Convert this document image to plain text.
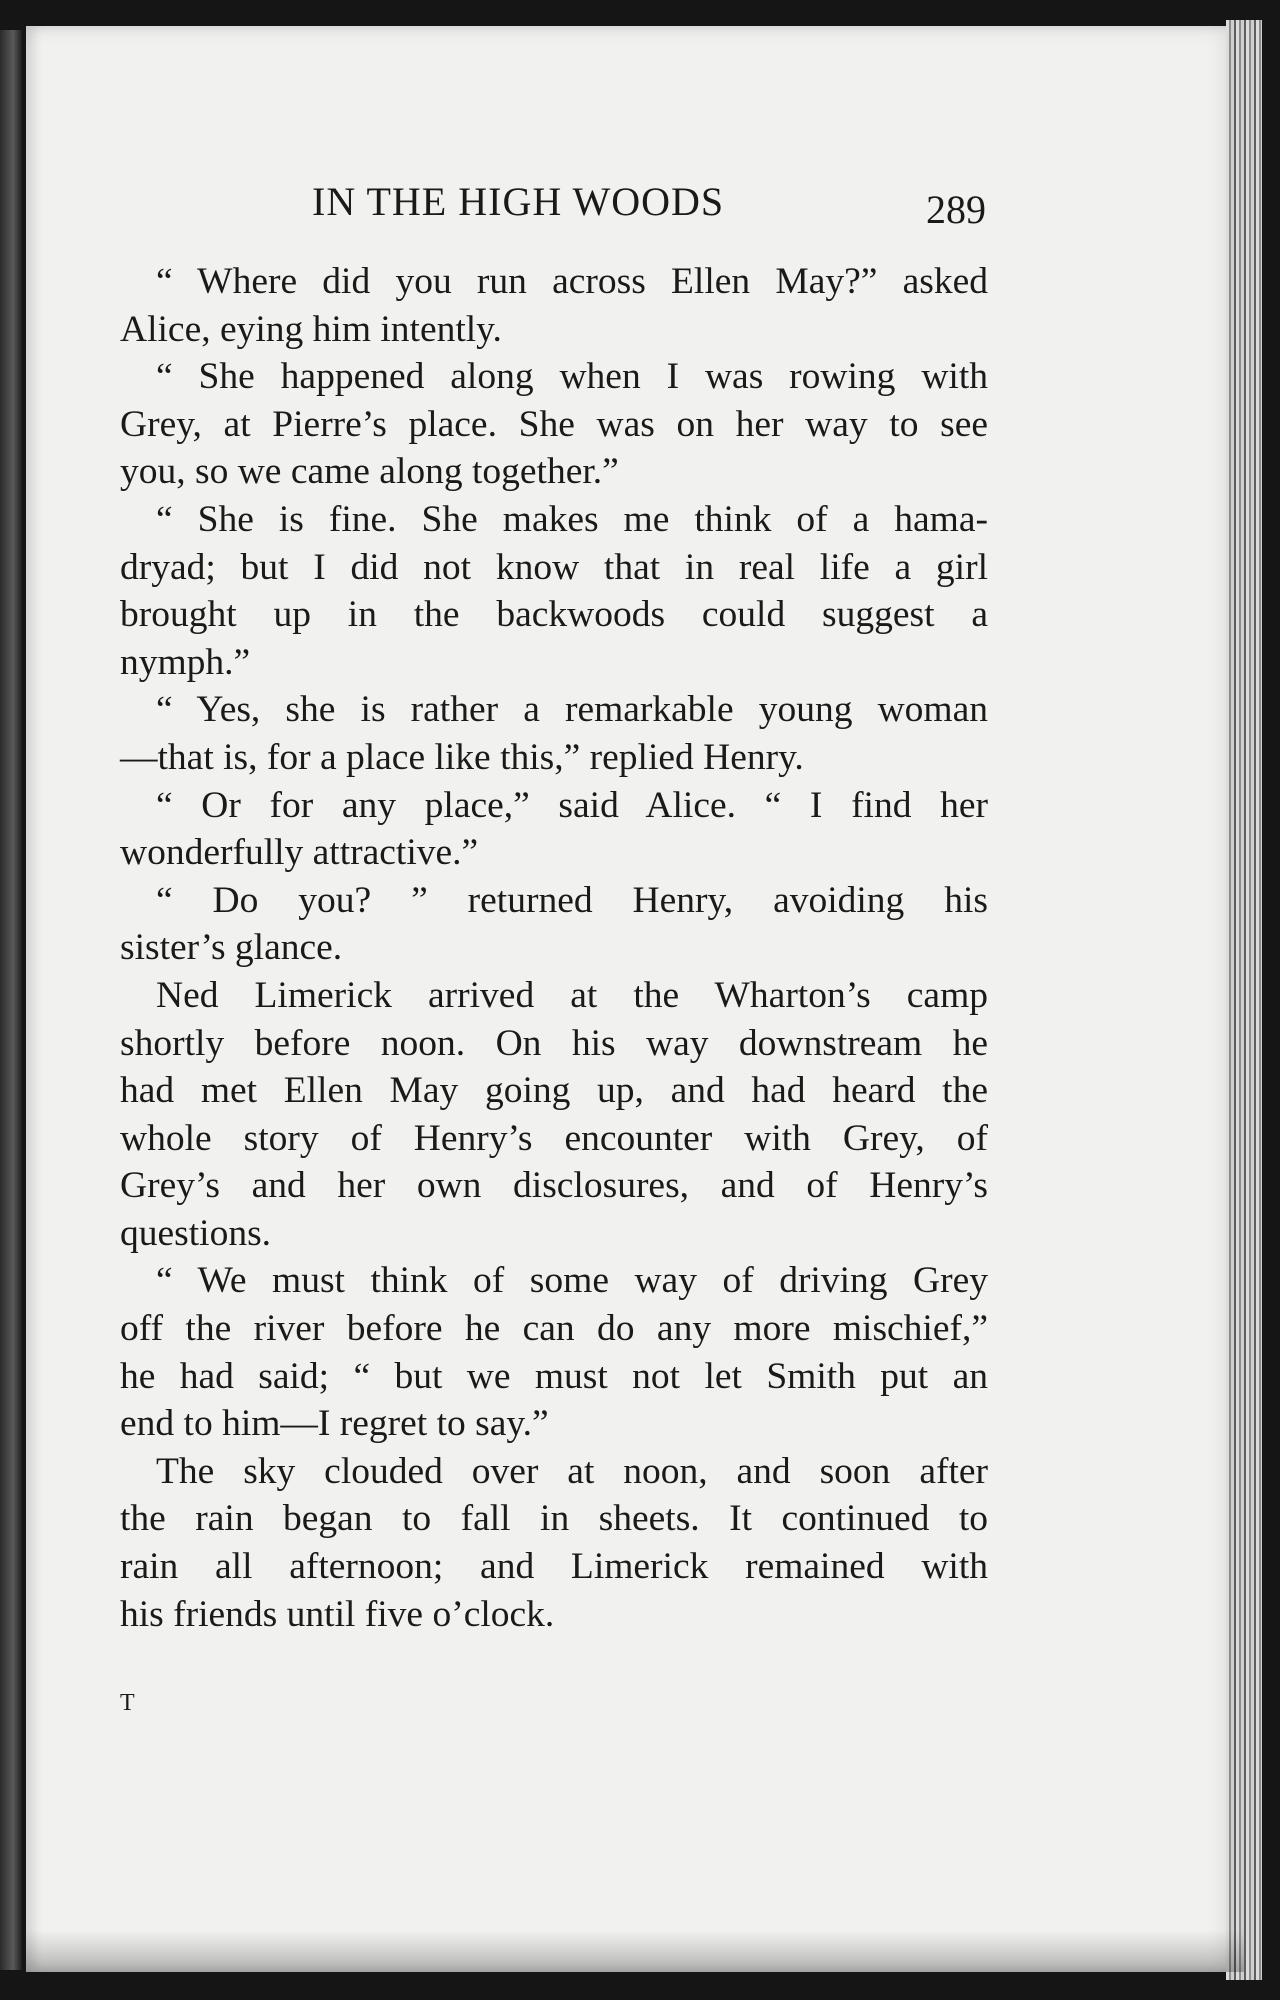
IN THE HIGH WOODS	289
“ Where did you run across Ellen May?” asked
Alice, eying him intently.
“ She happened along when I was rowing with
Grey, at Pierre’s place. She was on her way to see
you, so we came along together.”
“ She is fine. She makes me think of a hama-
dryad; but I did not know that in real life a girl
brought up in the backwoods could suggest a
nymph.”
“ Yes, she is rather a remarkable young woman
—that is, for a place like this,” replied Henry.
“ Or for any place,” said Alice. “ I find her
wonderfully attractive.”
“ Do you? ” returned Henry, avoiding his
sister’s glance.
Ned Limerick arrived at the Wharton’s camp
shortly before noon. On his way downstream he
had met Ellen May going up, and had heard the
whole story of Henry’s encounter with Grey, of
Grey’s and her own disclosures, and of Henry’s
questions.
“ We must think of some way of driving Grey
off the river before he can do any more mischief,”
he had said; “ but we must not let Smith put an
end to him—I regret to say.”
The sky clouded over at noon, and soon after
the rain began to fall in sheets. It continued to
rain all afternoon; and Limerick remained with
his friends until five o’clock.
T
